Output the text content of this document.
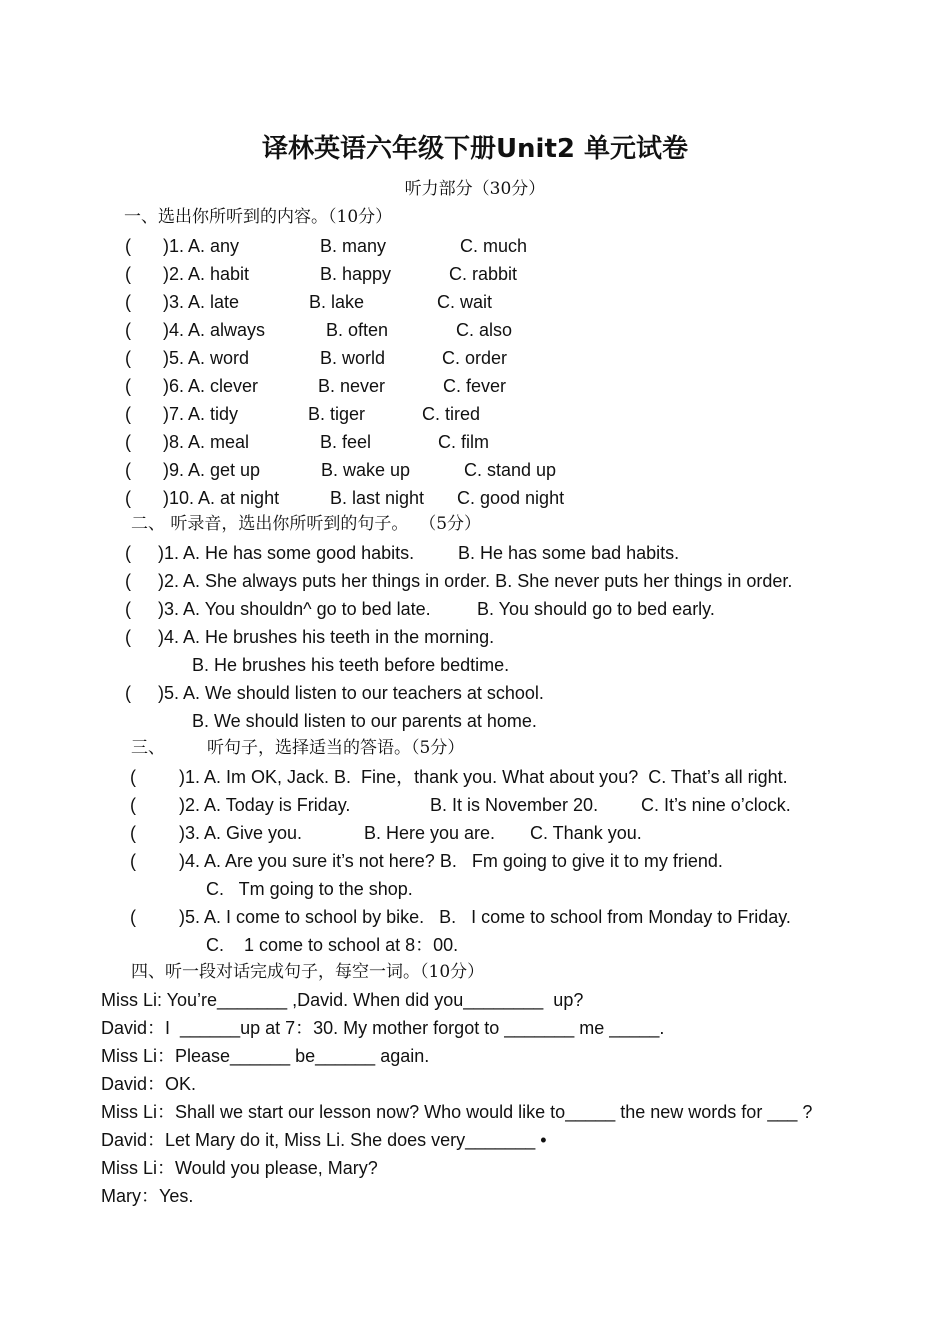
译林英语六年级下册Unit2 单元试卷
听力部分（30分）
一、选出你所听到的内容。（10分）
( )1. A. any	B. many	C. much
( )2. A. habit	B. happy	C. rabbit
( )3. A. late	B. lake	C. wait
( )4. A. always	B. often	C. also
( )5. A. word	B. world	C. order
( )6. A. clever	B. never	C. fever
( )7. A. tidy	B. tiger	C. tired
( )8. A. meal	B. feel	C. film
( )9. A. get up	B. wake up	C. stand up
( )10. A. at night	B. last night C. good night
二、 听录音，选出你所听到的句子。  （5分）
( )1. A. He has some good habits. B. He has some bad habits.
( )2. A. She always puts her things in order. B. She never puts her things in order.
( )3. A. You shouldn^ go to bed late.	B. You should go to bed early.
( )4. A. He brushes his teeth in the morning.
B. He brushes his teeth before bedtime.
( )5. A. We should listen to our teachers at school.
B. We should listen to our parents at home.
三、 听句子，选择适当的答语。（5分）
( )1. A. Im OK, Jack. B.  Fine，thank you. What about you?  C. That’s all right.
( )2. A. Today is Friday.	B. It is November 20. C. It’s nine o’clock.
( )3. A. Give you.	B. Here you are. C. Thank you.
( )4. A. Are you sure it’s not here? B.   Fm going to give it to my friend.
C.   Tm going to the shop.
( )5. A. I come to school by bike.   B.   I come to school from Monday to Friday.
C.    1 come to school at 8：00.
四、听一段对话完成句子，每空一词。（10分）
Miss Li: You’re_______ ,David. When did you________  up?
David：I  ______up at 7：30. My mother forgot to _______ me _____.
Miss Li：Please______ be______ again.
David：OK.
Miss Li：Shall we start our lesson now? Who would like to_____ the new words for ___ ?
David：Let Mary do it, Miss Li. She does very_______ •
Miss Li：Would you please, Mary?
Mary：Yes.
